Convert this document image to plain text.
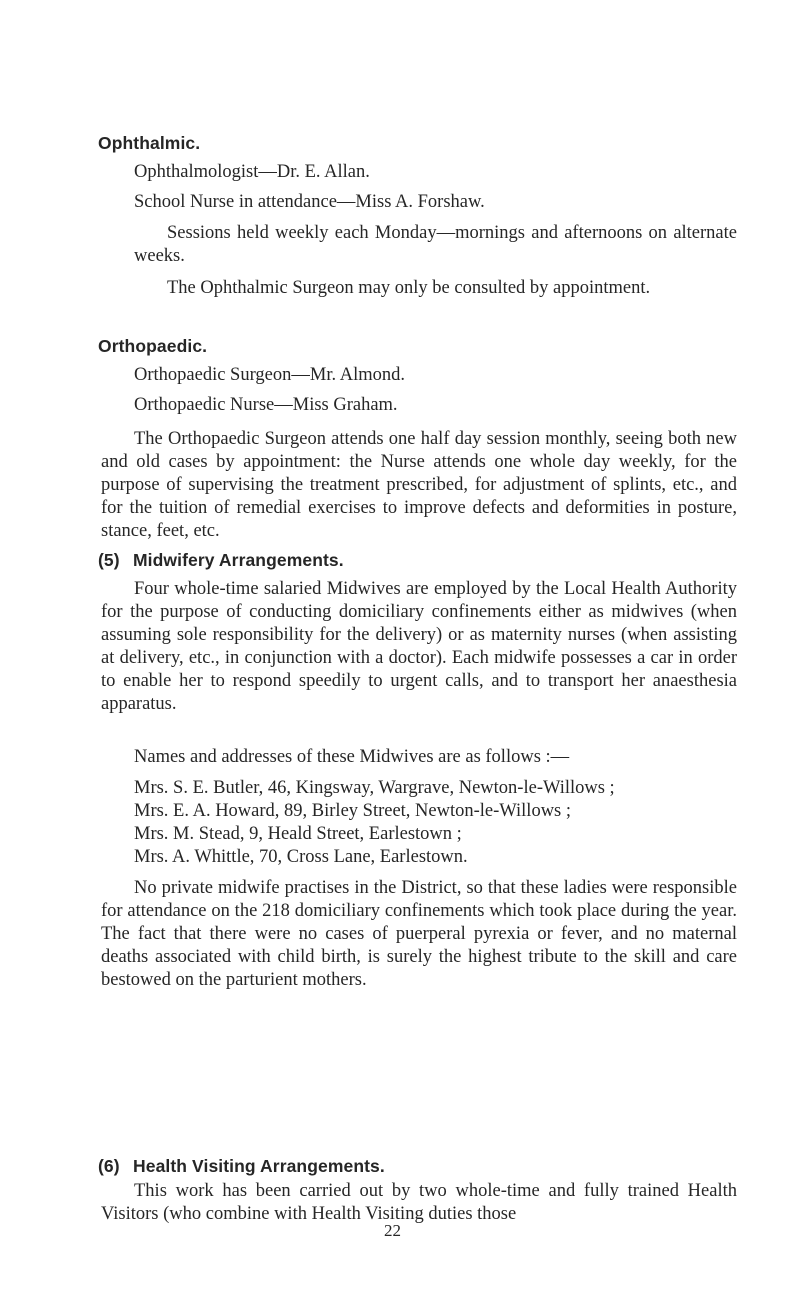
Ophthalmic.
Ophthalmologist—Dr. E. Allan.
School Nurse in attendance—Miss A. Forshaw.
Sessions held weekly each Monday—mornings and afternoons on alternate weeks.
The Ophthalmic Surgeon may only be consulted by appointment.
Orthopaedic.
Orthopaedic Surgeon—Mr. Almond.
Orthopaedic Nurse—Miss Graham.
The Orthopaedic Surgeon attends one half day session monthly, seeing both new and old cases by appointment: the Nurse attends one whole day weekly, for the purpose of supervising the treatment prescribed, for adjustment of splints, etc., and for the tuition of remedial exercises to improve defects and deformities in posture, stance, feet, etc.
(5) Midwifery Arrangements.
Four whole-time salaried Midwives are employed by the Local Health Authority for the purpose of conducting domiciliary confinements either as midwives (when assuming sole responsibility for the delivery) or as maternity nurses (when assisting at delivery, etc., in conjunction with a doctor). Each midwife possesses a car in order to enable her to respond speedily to urgent calls, and to transport her anaesthesia apparatus.
Names and addresses of these Midwives are as follows :—
Mrs. S. E. Butler, 46, Kingsway, Wargrave, Newton-le-Willows ;
Mrs. E. A. Howard, 89, Birley Street, Newton-le-Willows ;
Mrs. M. Stead, 9, Heald Street, Earlestown ;
Mrs. A. Whittle, 70, Cross Lane, Earlestown.
No private midwife practises in the District, so that these ladies were responsible for attendance on the 218 domiciliary confinements which took place during the year. The fact that there were no cases of puerperal pyrexia or fever, and no maternal deaths associated with child birth, is surely the highest tribute to the skill and care bestowed on the parturient mothers.
(6) Health Visiting Arrangements.
This work has been carried out by two whole-time and fully trained Health Visitors (who combine with Health Visiting duties those
22
